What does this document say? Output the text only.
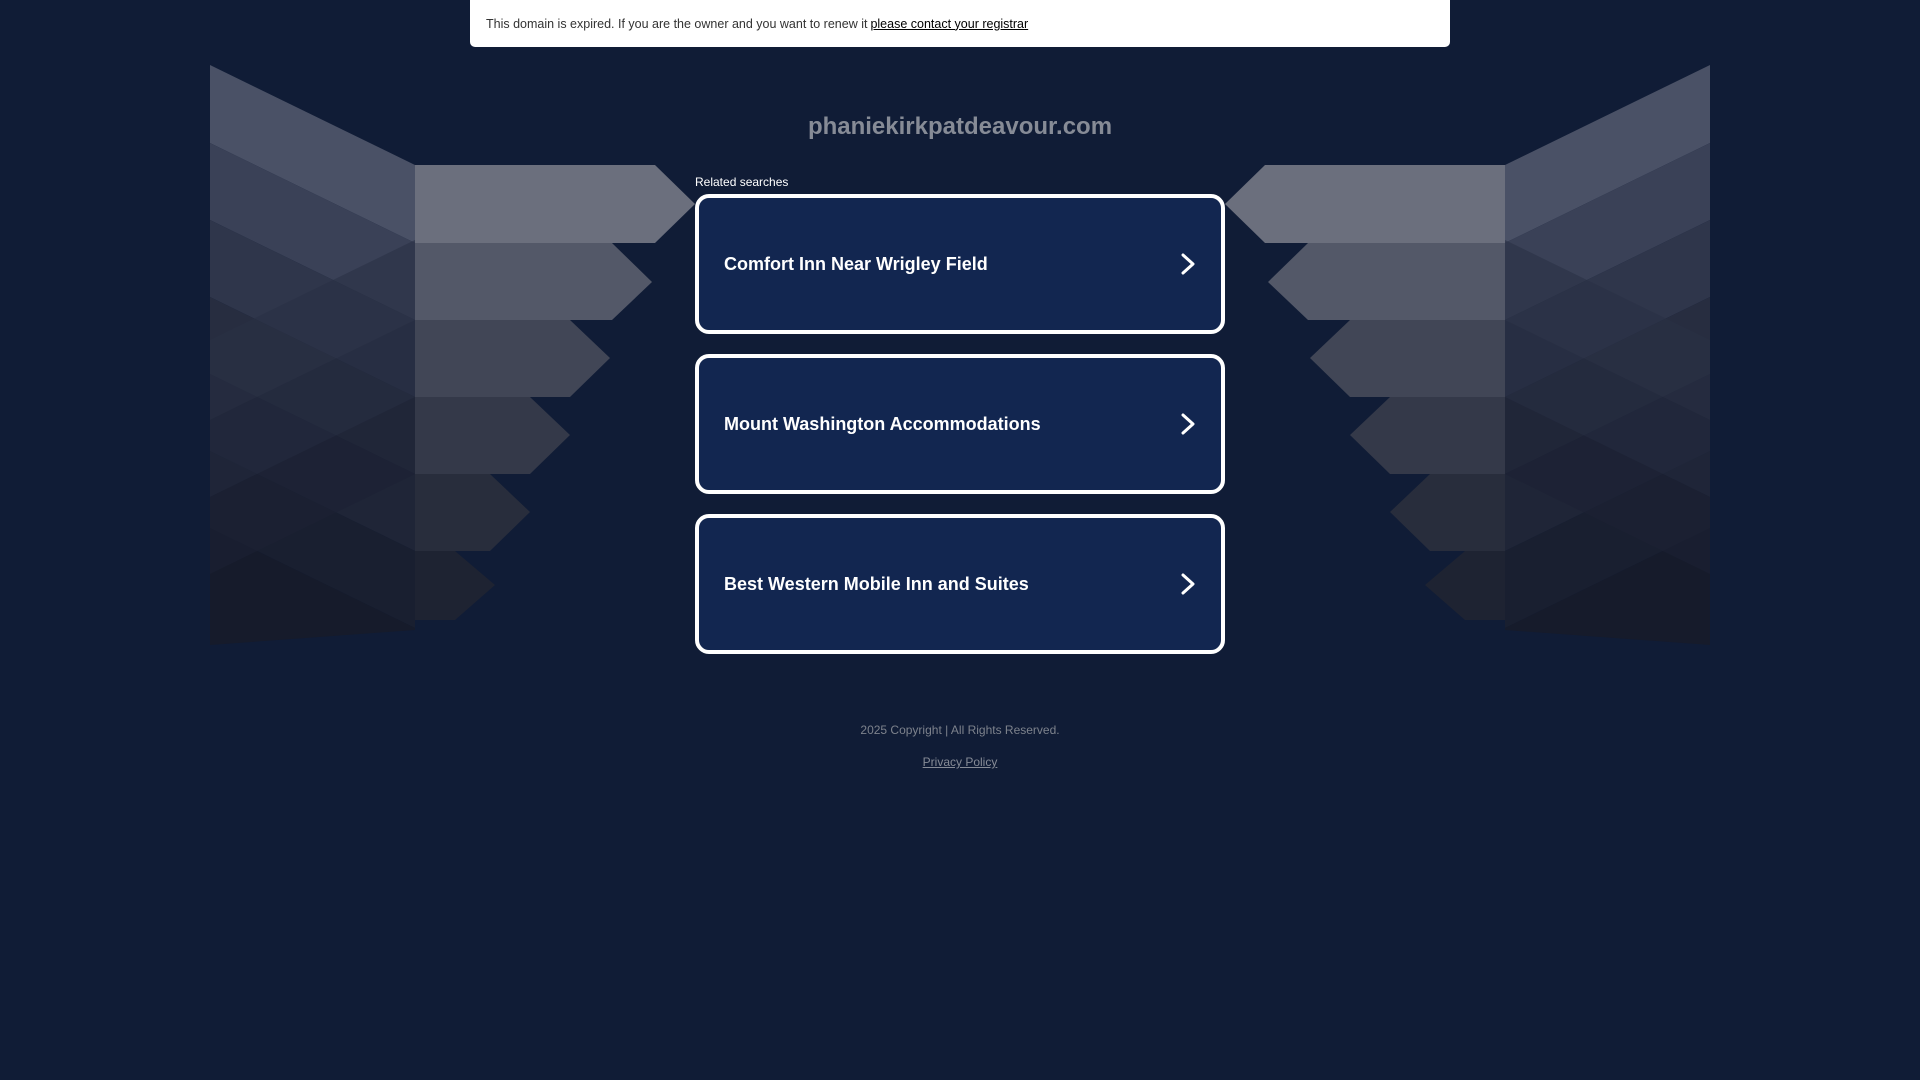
This domain is expired. If you are the owner and you want to renew it please contact your registrar
phaniekirkpatdeavour.com
Related searches
Comfort Inn Near Wrigley Field
Mount Washington Accommodations
Best Western Mobile Inn and Suites
2025 Copyright | All Rights Reserved.
Privacy Policy
